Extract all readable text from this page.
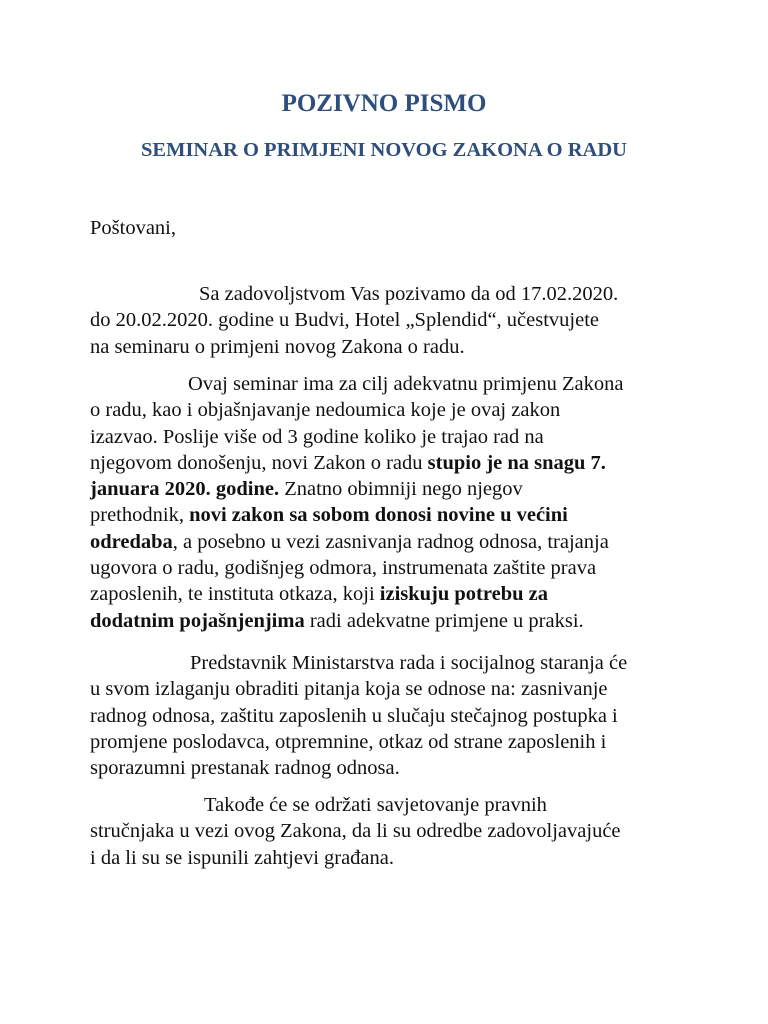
POZIVNO PISMO
SEMINAR O PRIMJENI NOVOG ZAKONA O RADU

Poštovani,

Sa zadovoljstvom Vas pozivamo da od 17.02.2020.
do 20.02.2020. godine u Budvi, Hotel „Splendid“, učestvujete
na seminaru o primjeni novog Zakona o radu.

Ovaj seminar ima za cilj adekvatnu primjenu Zakona
o radu, kao i objašnjavanje nedoumica koje je ovaj zakon
izazvao. Poslije više od 3 godine koliko je trajao rad na
njegovom donošenju, novi Zakon o radu stupio je na snagu 7.
januara 2020. godine. Znatno obimniji nego njegov
prethodnik, novi zakon sa sobom donosi novine u većini
odredaba, a posebno u vezi zasnivanja radnog odnosa, trajanja
ugovora o radu, godišnjeg odmora, instrumenata zaštite prava
zaposlenih, te instituta otkaza, koji iziskuju potrebu za
dodatnim pojašnjenjima radi adekvatne primjene u praksi.

Predstavnik Ministarstva rada i socijalnog staranja će
u svom izlaganju obraditi pitanja koja se odnose na: zasnivanje
radnog odnosa, zaštitu zaposlenih u slučaju stečajnog postupka i
promjene poslodavca, otpremnine, otkaz od strane zaposlenih i
sporazumni prestanak radnog odnosa.

Takođe će se održati savjetovanje pravnih
stručnjaka u vezi ovog Zakona, da li su odredbe zadovoljavajuće
i da li su se ispunili zahtjevi građana.
